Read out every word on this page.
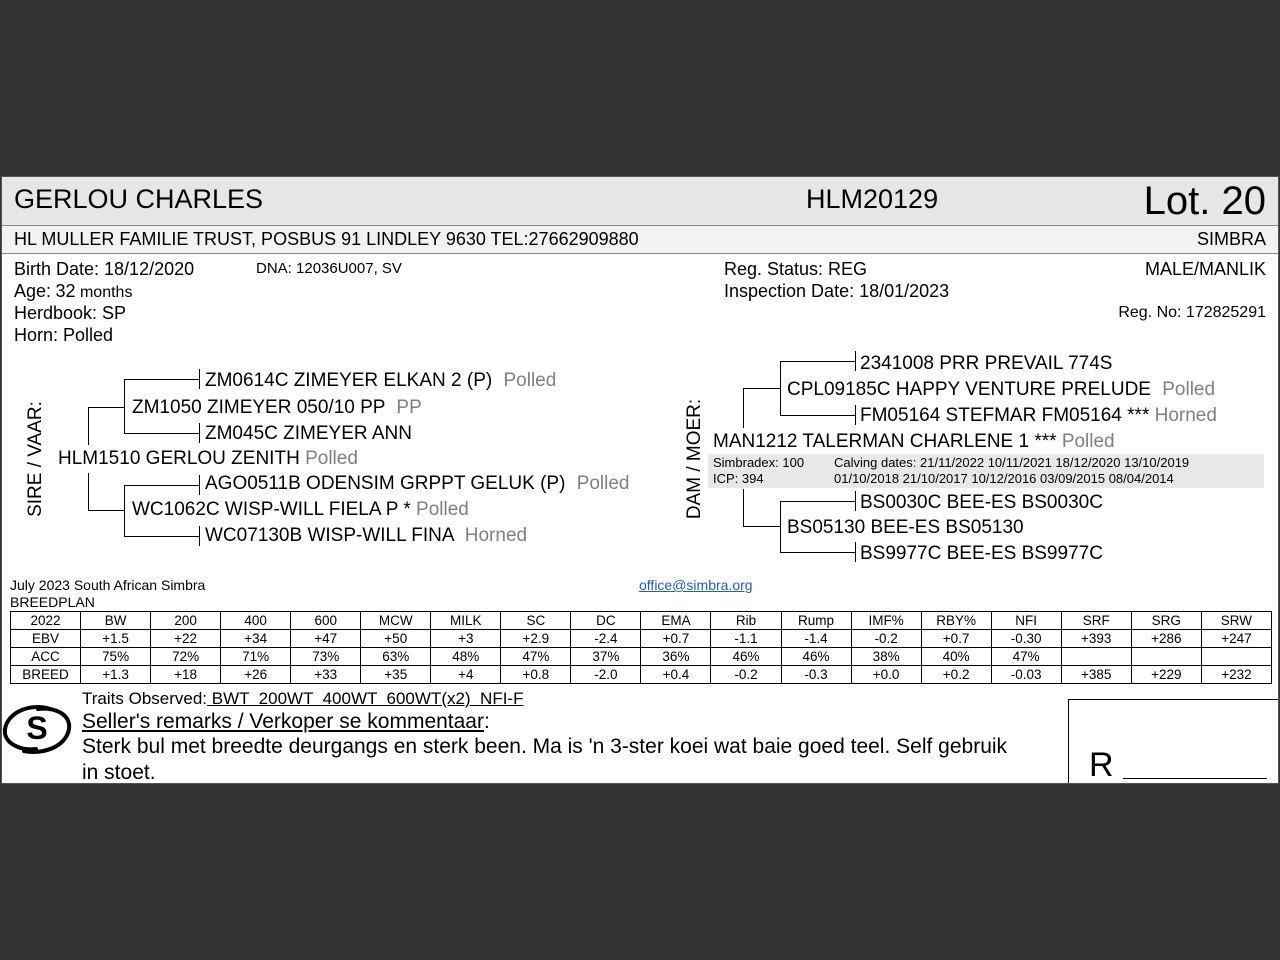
GERLOU CHARLES	HLM20129	Lot. 20
HL MULLER FAMILIE TRUST, POSBUS 91 LINDLEY 9630 TEL:27662909880	SIMBRA
Birth Date: 18/12/2020	DNA: 12036U007, SV
Age: 32 months
Herdbook: SP
Horn: Polled
Reg. Status: REG
Inspection Date: 18/01/2023
MALE/MANLIK
Reg. No: 172825291
SIRE / VAAR:
ZM0614C ZIMEYER ELKAN 2 (P) Polled
ZM1050 ZIMEYER 050/10 PP PP
ZM045C ZIMEYER ANN
HLM1510 GERLOU ZENITH Polled
AGO0511B ODENSIM GRPPT GELUK (P) Polled
WC1062C WISP-WILL FIELA P * Polled
WC07130B WISP-WILL FINA Horned
DAM / MOER:
2341008 PRR PREVAIL 774S
CPL09185C HAPPY VENTURE PRELUDE Polled
FM05164 STEFMAR FM05164 *** Horned
MAN1212 TALERMAN CHARLENE 1 *** Polled
Simbradex: 100
ICP: 394
Calving dates: 21/11/2022 10/11/2021 18/12/2020 13/10/2019
01/10/2018 21/10/2017 10/12/2016 03/09/2015 08/04/2014
BS0030C BEE-ES BS0030C
BS05130 BEE-ES BS05130
BS9977C BEE-ES BS9977C
July 2023 South African Simbra
BREEDPLAN
office@simbra.org
2022	BW	200	400	600	MCW	MILK	SC	DC	EMA	Rib	Rump	IMF%	RBY%	NFI	SRF	SRG	SRW
EBV	+1.5	+22	+34	+47	+50	+3	+2.9	-2.4	+0.7	-1.1	-1.4	-0.2	+0.7	-0.30	+393	+286	+247
ACC	75%	72%	71%	73%	63%	48%	47%	37%	36%	46%	46%	38%	40%	47%			
BREED	+1.3	+18	+26	+33	+35	+4	+0.8	-2.0	+0.4	-0.2	-0.3	+0.0	+0.2	-0.03	+385	+229	+232
Traits Observed: BWT  200WT  400WT  600WT(x2)  NFI-F
S Seller's remarks / Verkoper se kommentaar:
Sterk bul met breedte deurgangs en sterk been. Ma is 'n 3-ster koei wat baie goed teel. Self gebruik
in stoet.	R
